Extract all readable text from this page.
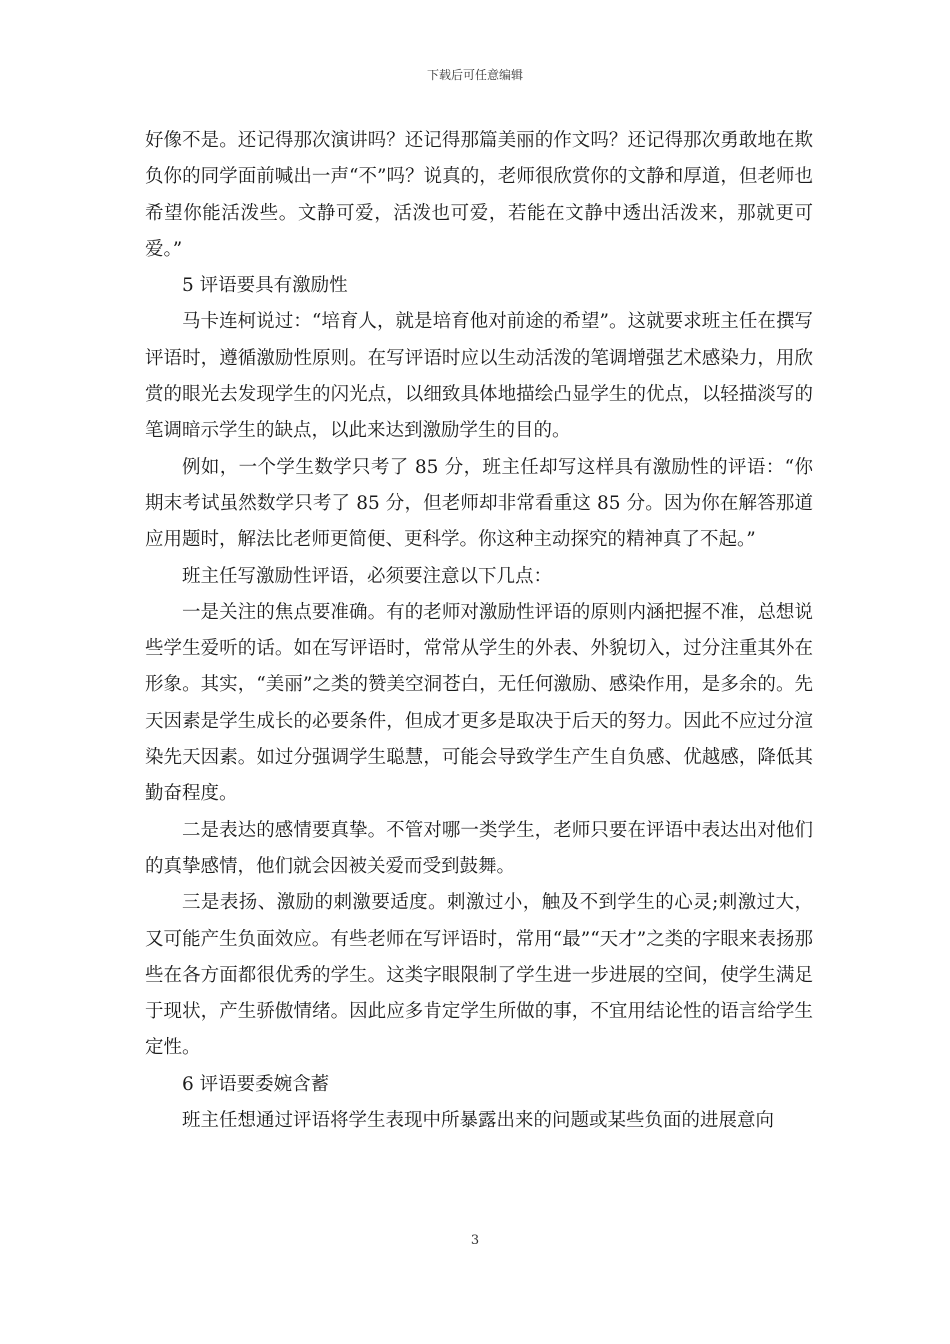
下载后可任意编辑

好像不是。还记得那次演讲吗？还记得那篇美丽的作文吗？还记得那次勇敢地在欺负你的同学面前喊出一声“不”吗？说真的，老师很欣赏你的文静和厚道，但老师也希望你能活泼些。文静可爱，活泼也可爱，若能在文静中透出活泼来，那就更可爱。”

5 评语要具有激励性

马卡连柯说过：“培育人，就是培育他对前途的希望”。这就要求班主任在撰写评语时，遵循激励性原则。在写评语时应以生动活泼的笔调增强艺术感染力，用欣赏的眼光去发现学生的闪光点，以细致具体地描绘凸显学生的优点，以轻描淡写的笔调暗示学生的缺点，以此来达到激励学生的目的。

例如，一个学生数学只考了 85 分，班主任却写这样具有激励性的评语：“你期末考试虽然数学只考了 85 分，但老师却非常看重这 85 分。因为你在解答那道应用题时，解法比老师更简便、更科学。你这种主动探究的精神真了不起。”

班主任写激励性评语，必须要注意以下几点：

一是关注的焦点要准确。有的老师对激励性评语的原则内涵把握不准，总想说些学生爱听的话。如在写评语时，常常从学生的外表、外貌切入，过分注重其外在形象。其实，“美丽”之类的赞美空洞苍白，无任何激励、感染作用，是多余的。先天因素是学生成长的必要条件，但成才更多是取决于后天的努力。因此不应过分渲染先天因素。如过分强调学生聪慧，可能会导致学生产生自负感、优越感，降低其勤奋程度。

二是表达的感情要真挚。不管对哪一类学生，老师只要在评语中表达出对他们的真挚感情，他们就会因被关爱而受到鼓舞。

三是表扬、激励的刺激要适度。刺激过小，触及不到学生的心灵;刺激过大，又可能产生负面效应。有些老师在写评语时，常用“最”“天才”之类的字眼来表扬那些在各方面都很优秀的学生。这类字眼限制了学生进一步进展的空间，使学生满足于现状，产生骄傲情绪。因此应多肯定学生所做的事，不宜用结论性的语言给学生定性。

6 评语要委婉含蓄

班主任想通过评语将学生表现中所暴露出来的问题或某些负面的进展意向

3
